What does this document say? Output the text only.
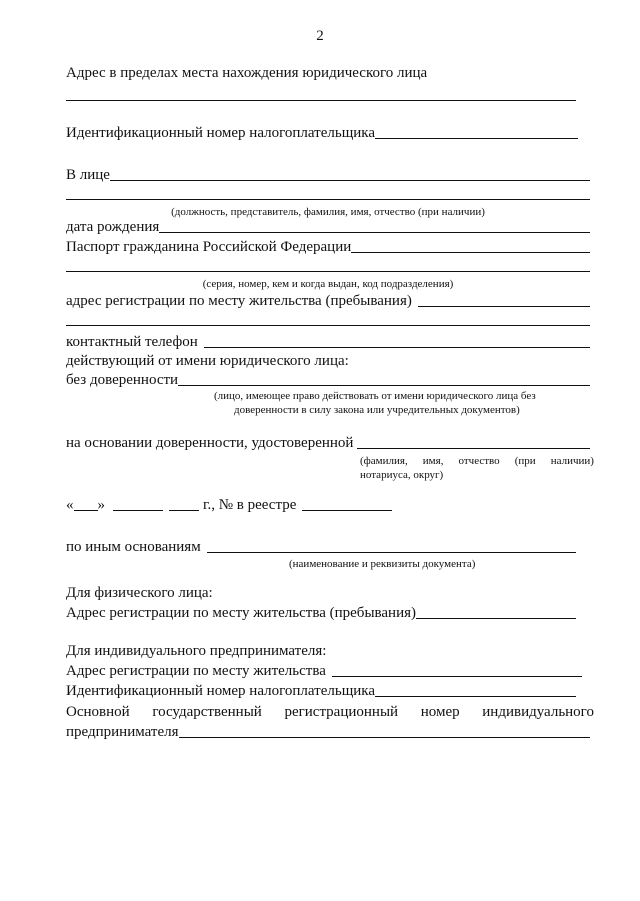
2
Адрес в пределах места нахождения юридического лица
Идентификационный номер налогоплательщика
В лице
(должность, представитель, фамилия, имя, отчество (при наличии)
дата рождения
Паспорт гражданина Российской Федерации
(серия, номер, кем и когда выдан, код подразделения)
адрес регистрации по месту жительства (пребывания)
контактный телефон
действующий от имени юридического лица:
без доверенности
(лицо, имеющее право действовать от имени юридического лица без
доверенности в силу закона или учредительных документов)
на основании доверенности, удостоверенной
(фамилия, имя, отчество (при наличии)
нотариуса, округ)
« »	г., № в реестре
по иным основаниям
(наименование и реквизиты документа)
Для физического лица:
Адрес регистрации по месту жительства (пребывания)
Для индивидуального предпринимателя:
Адрес регистрации по месту жительства
Идентификационный номер налогоплательщика
Основной государственный регистрационный номер индивидуального
предпринимателя
